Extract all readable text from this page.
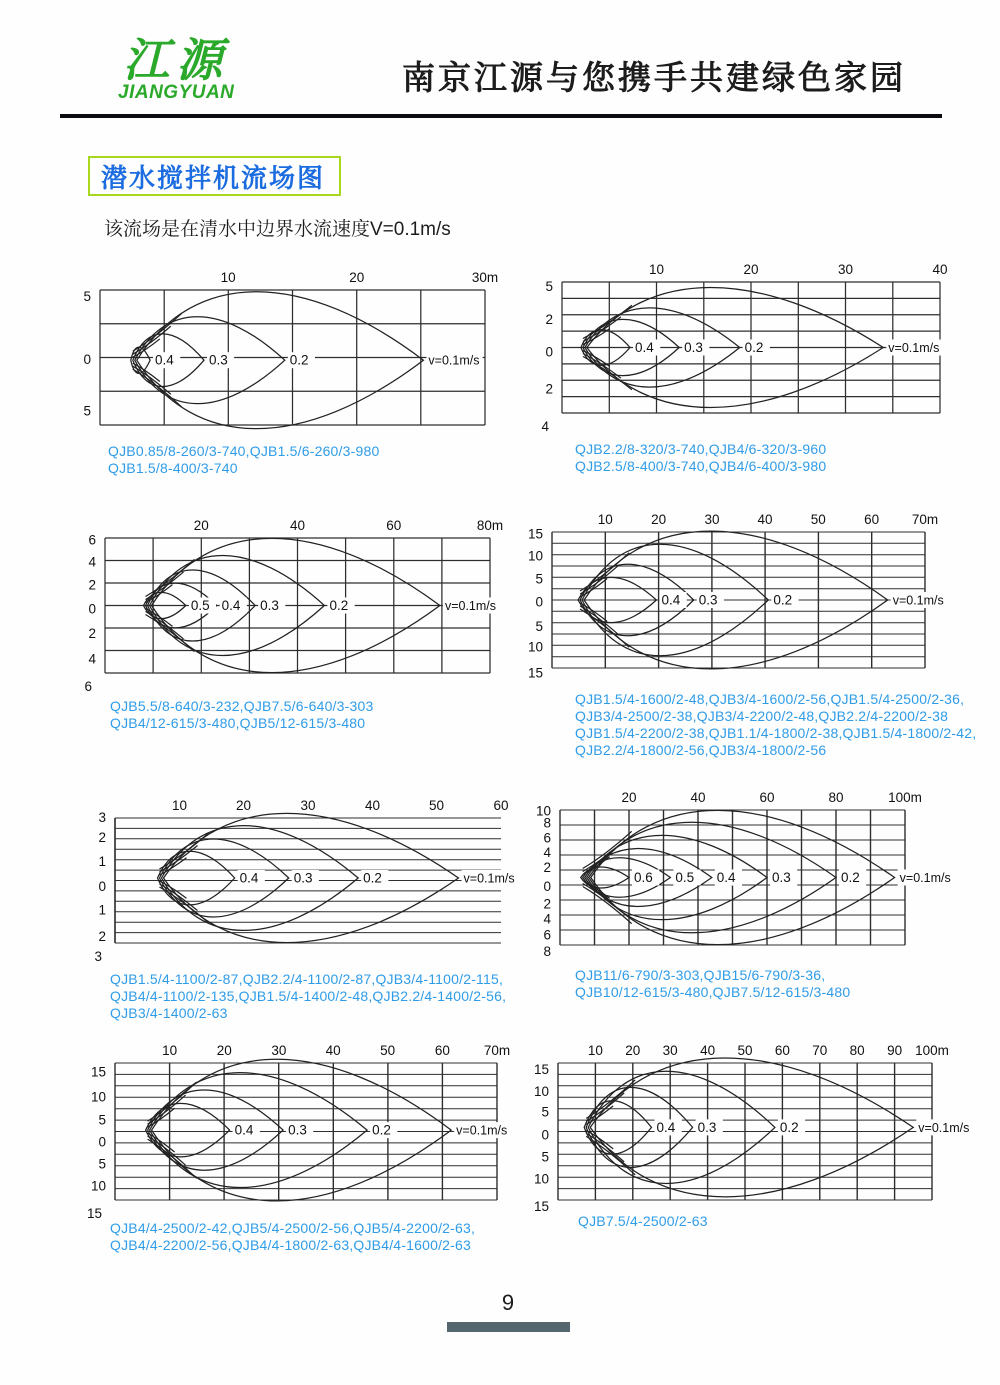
江源
JIANGYUAN	南京江源与您携手共建绿色家园
潜水搅拌机流场图
该流场是在清水中边界水流速度V=0.1m/s
0.4	0.3	0.2	v=0.1m/s
10	20	30m
5
0
5
QJB0.85/8-260/3-740,QJB1.5/6-260/3-980
QJB1.5/8-400/3-740
0.4 0.3	0.2	v=0.1m/s
10	20	30	40
5
2
0
2
4
QJB2.2/8-320/3-740,QJB4/6-320/3-960
QJB2.5/8-400/3-740,QJB4/6-400/3-980
0.5 0.4 0.3	0.2	v=0.1m/s
20	40	60	80m
6
4
2
0
2
4
6
QJB5.5/8-640/3-232,QJB7.5/6-640/3-303
QJB4/12-615/3-480,QJB5/12-615/3-480
0.4 0.3	0.2	v=0.1m/s
10	20	30	40	50	60 70m
15
10
5
0
5
10
15
QJB1.5/4-1600/2-48,QJB3/4-1600/2-56,QJB1.5/4-2500/2-36,
QJB3/4-2500/2-38,QJB3/4-2200/2-48,QJB2.2/4-2200/2-38
QJB1.5/4-2200/2-38,QJB1.1/4-1800/2-38,QJB1.5/4-1800/2-42,
QJB2.2/4-1800/2-56,QJB3/4-1800/2-56
0.4	0.3	0.2	v=0.1m/s
10	20	30	40	50	60
3
2
1
0
1
2
3
QJB1.5/4-1100/2-87,QJB2.2/4-1100/2-87,QJB3/4-1100/2-115,
QJB4/4-1100/2-135,QJB1.5/4-1400/2-48,QJB2.2/4-1400/2-56,
QJB3/4-1400/2-63
0.6 0.5 0.4	0.3	0.2	v=0.1m/s
20	40	60	80	100m
10
8
6
4
2
0
2
4
6
8
QJB11/6-790/3-303,QJB15/6-790/3-36,
QJB10/12-615/3-480,QJB7.5/12-615/3-480
0.4	0.3	0.2	v=0.1m/s
10	20	30	40	50	60	70m
15
10
5
0
5
10
15
QJB4/4-2500/2-42,QJB5/4-2500/2-56,QJB5/4-2200/2-63,
QJB4/4-2200/2-56,QJB4/4-1800/2-63,QJB4/4-1600/2-63
0.4 0.3	0.2	v=0.1m/s
10 20 30 40 50 60 70 80 90 100m
15
10
5
0
5
10
15
QJB7.5/4-2500/2-63
9
